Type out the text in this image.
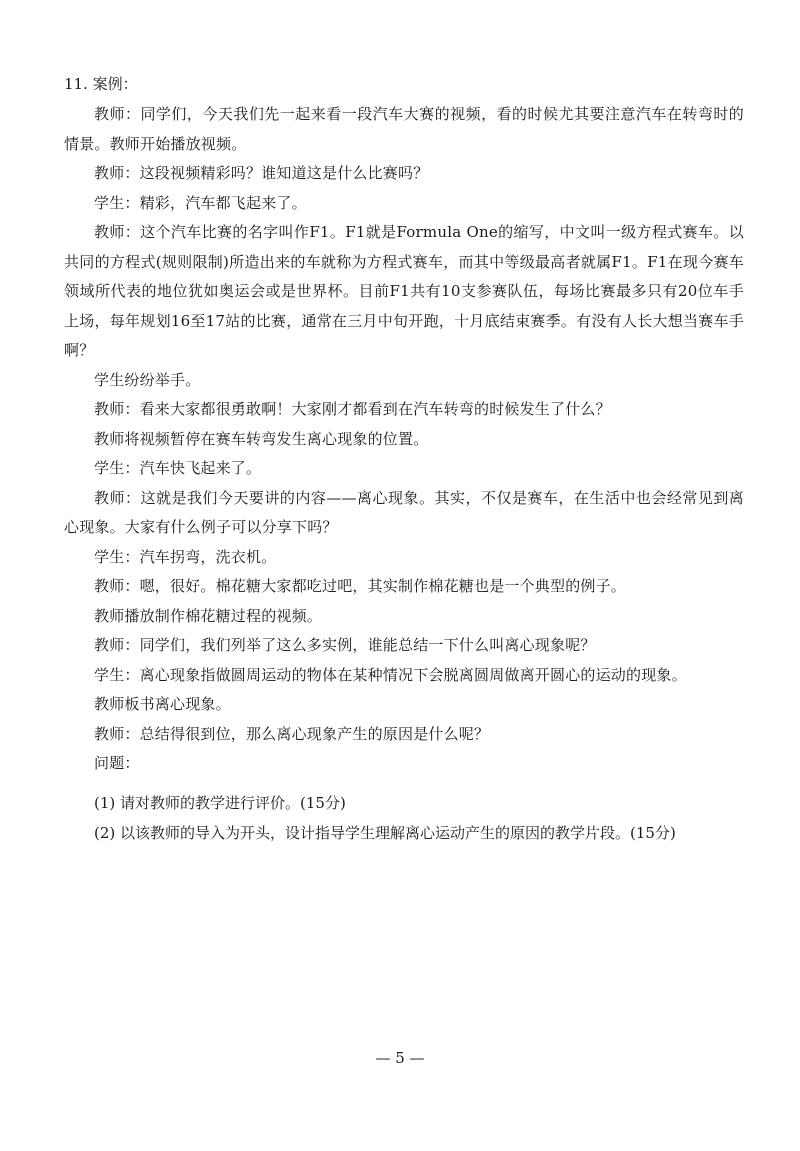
11. 案例：

教师：同学们，今天我们先一起来看一段汽车大赛的视频，看的时候尤其要注意汽车在转弯时的情景。教师开始播放视频。

教师：这段视频精彩吗？谁知道这是什么比赛吗？

学生：精彩，汽车都飞起来了。

教师：这个汽车比赛的名字叫作F1。F1就是Formula One的缩写，中文叫一级方程式赛车。以共同的方程式(规则限制)所造出来的车就称为方程式赛车，而其中等级最高者就属F1。F1在现今赛车领域所代表的地位犹如奥运会或是世界杯。目前F1共有10支参赛队伍，每场比赛最多只有20位车手上场，每年规划16至17站的比赛，通常在三月中旬开跑，十月底结束赛季。有没有人长大想当赛车手啊？

学生纷纷举手。

教师：看来大家都很勇敢啊！大家刚才都看到在汽车转弯的时候发生了什么？

教师将视频暂停在赛车转弯发生离心现象的位置。

学生：汽车快飞起来了。

教师：这就是我们今天要讲的内容——离心现象。其实，不仅是赛车，在生活中也会经常见到离心现象。大家有什么例子可以分享下吗？

学生：汽车拐弯，洗衣机。

教师：嗯，很好。棉花糖大家都吃过吧，其实制作棉花糖也是一个典型的例子。

教师播放制作棉花糖过程的视频。

教师：同学们，我们列举了这么多实例，谁能总结一下什么叫离心现象呢？

学生：离心现象指做圆周运动的物体在某种情况下会脱离圆周做离开圆心的运动的现象。

教师板书离心现象。

教师：总结得很到位，那么离心现象产生的原因是什么呢？

问题：

(1) 请对教师的教学进行评价。(15分)

(2) 以该教师的导入为开头，设计指导学生理解离心运动产生的原因的教学片段。(15分)

— 5 —
